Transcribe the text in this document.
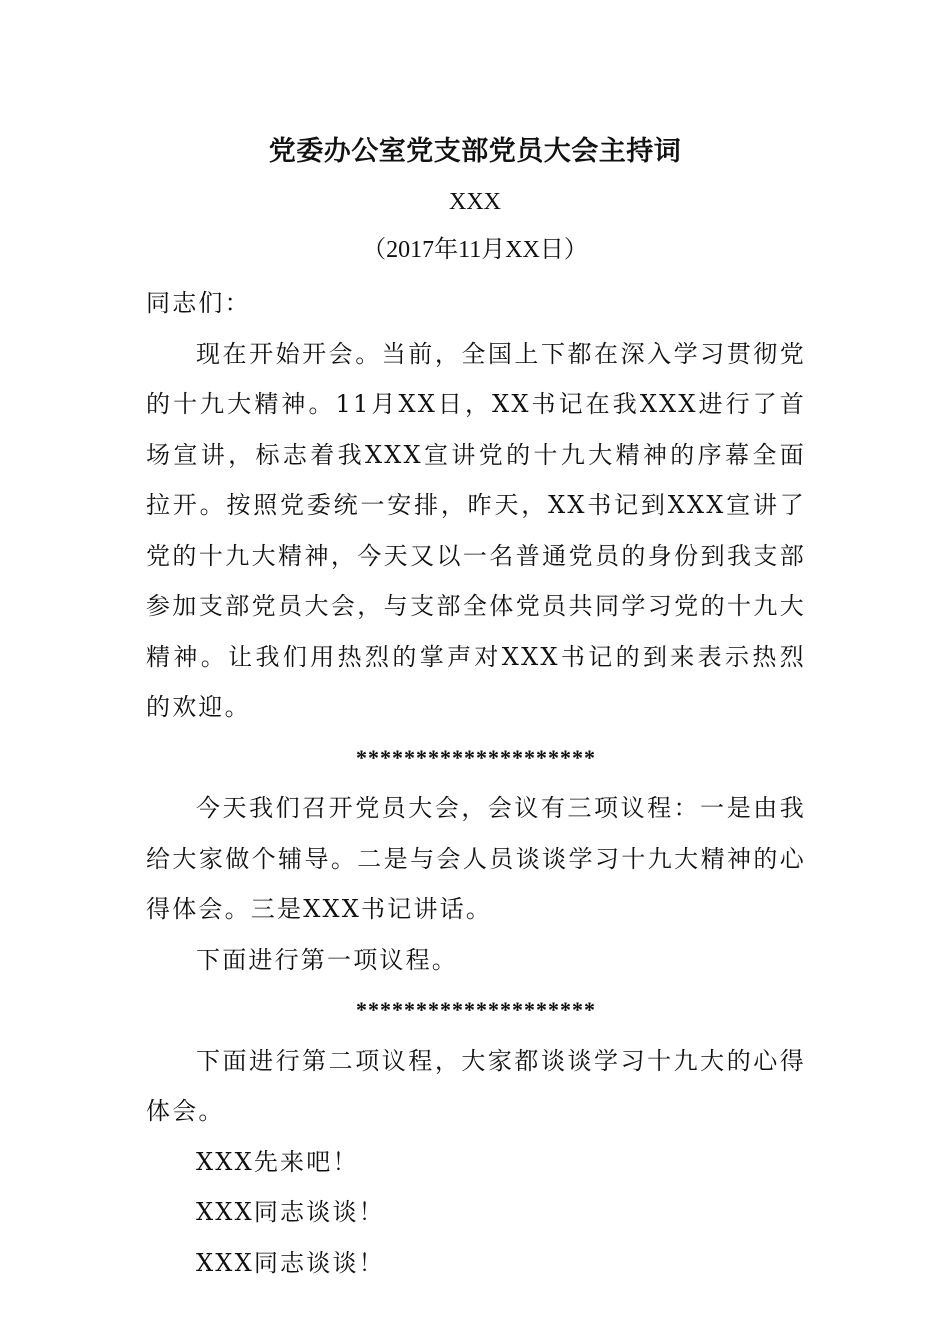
党委办公室党支部党员大会主持词
XXX
（2017年11月XX日）

同志们：

现在开始开会。当前，全国上下都在深入学习贯彻党的十九大精神。11月XX日，XX书记在我XXX进行了首场宣讲，标志着我XXX宣讲党的十九大精神的序幕全面拉开。按照党委统一安排，昨天，XX书记到XXX宣讲了党的十九大精神，今天又以一名普通党员的身份到我支部参加支部党员大会，与支部全体党员共同学习党的十九大精神。让我们用热烈的掌声对XXX书记的到来表示热烈的欢迎。

********************

今天我们召开党员大会，会议有三项议程：一是由我给大家做个辅导。二是与会人员谈谈学习十九大精神的心得体会。三是XXX书记讲话。

下面进行第一项议程。

********************

下面进行第二项议程，大家都谈谈学习十九大的心得体会。

XXX先来吧！

XXX同志谈谈！

XXX同志谈谈！
